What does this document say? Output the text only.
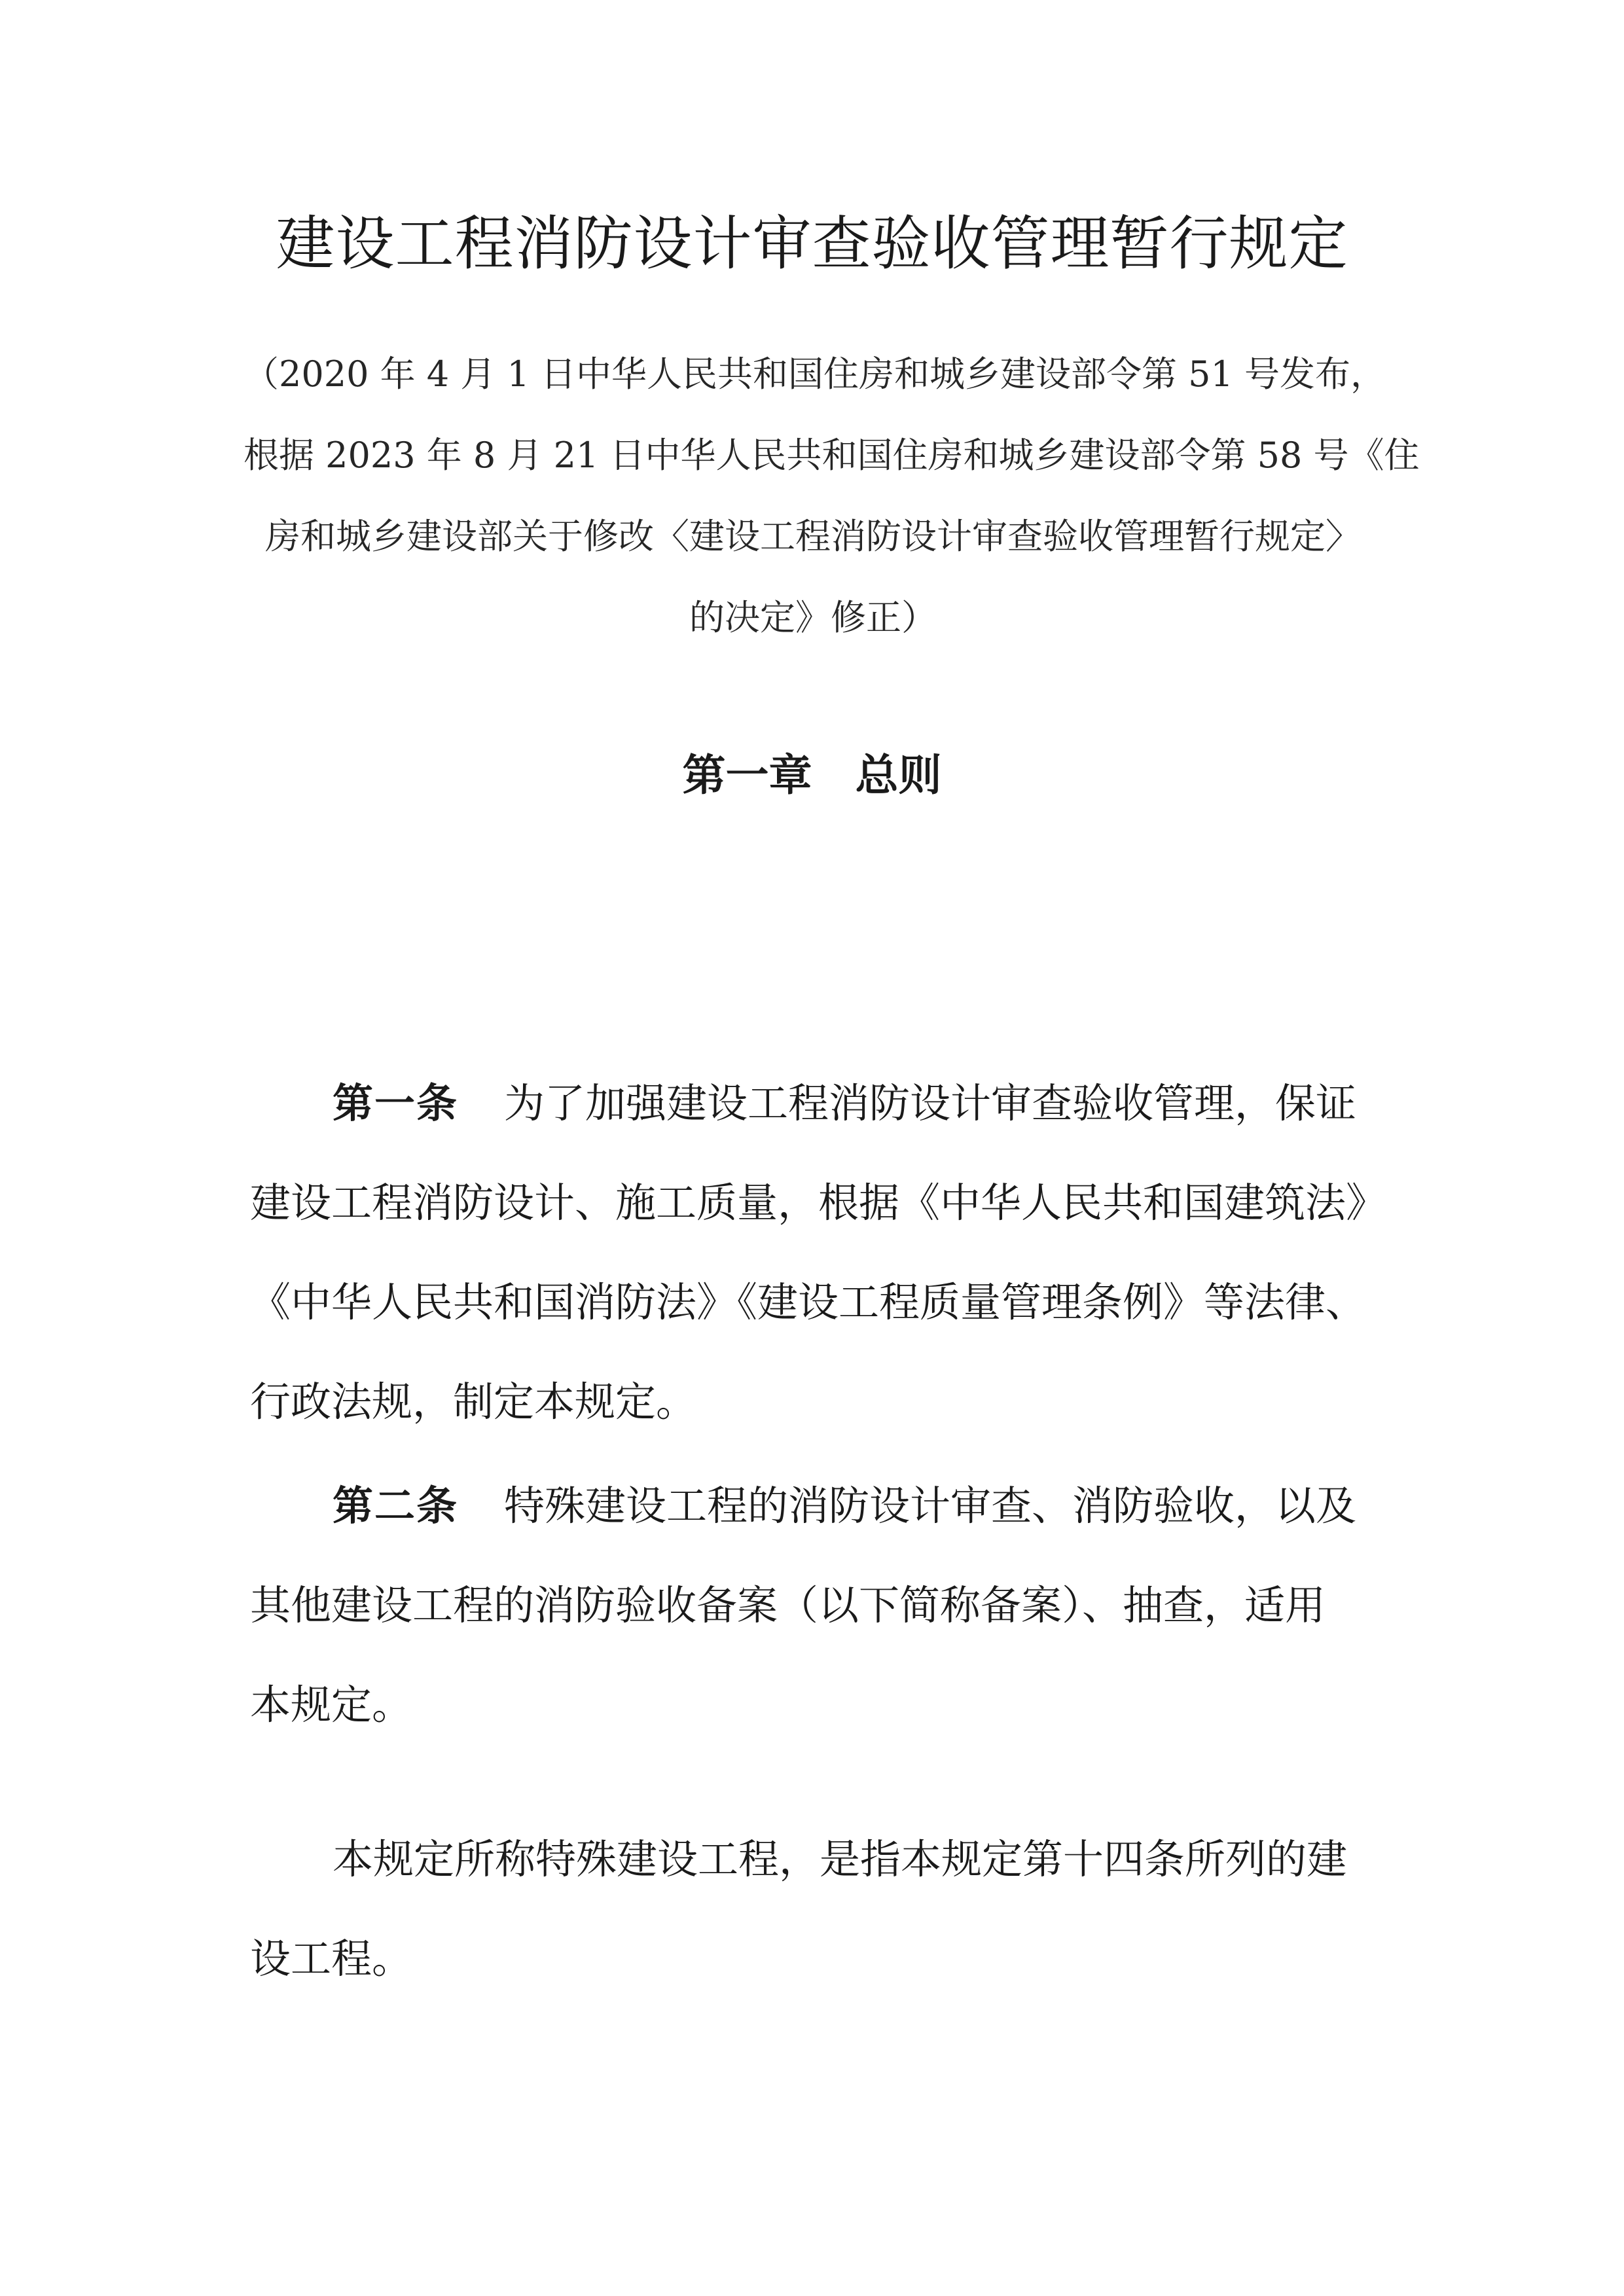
建设工程消防设计审查验收管理暂行规定
（2020 年 4 月 1 日中华人民共和国住房和城乡建设部令第 51 号发布，
根据 2023 年 8 月 21 日中华人民共和国住房和城乡建设部令第 58 号《住
房和城乡建设部关于修改〈建设工程消防设计审查验收管理暂行规定〉
的决定》修正）
第一章　总则
第一条 为了加强建设工程消防设计审查验收管理，保证
建设工程消防设计、施工质量，根据《中华人民共和国建筑法》
《中华人民共和国消防法》《建设工程质量管理条例》等法律、
行政法规，制定本规定。
第二条 特殊建设工程的消防设计审查、消防验收，以及
其他建设工程的消防验收备案（以下简称备案）、抽查，适用
本规定。
本规定所称特殊建设工程，是指本规定第十四条所列的建
设工程。
